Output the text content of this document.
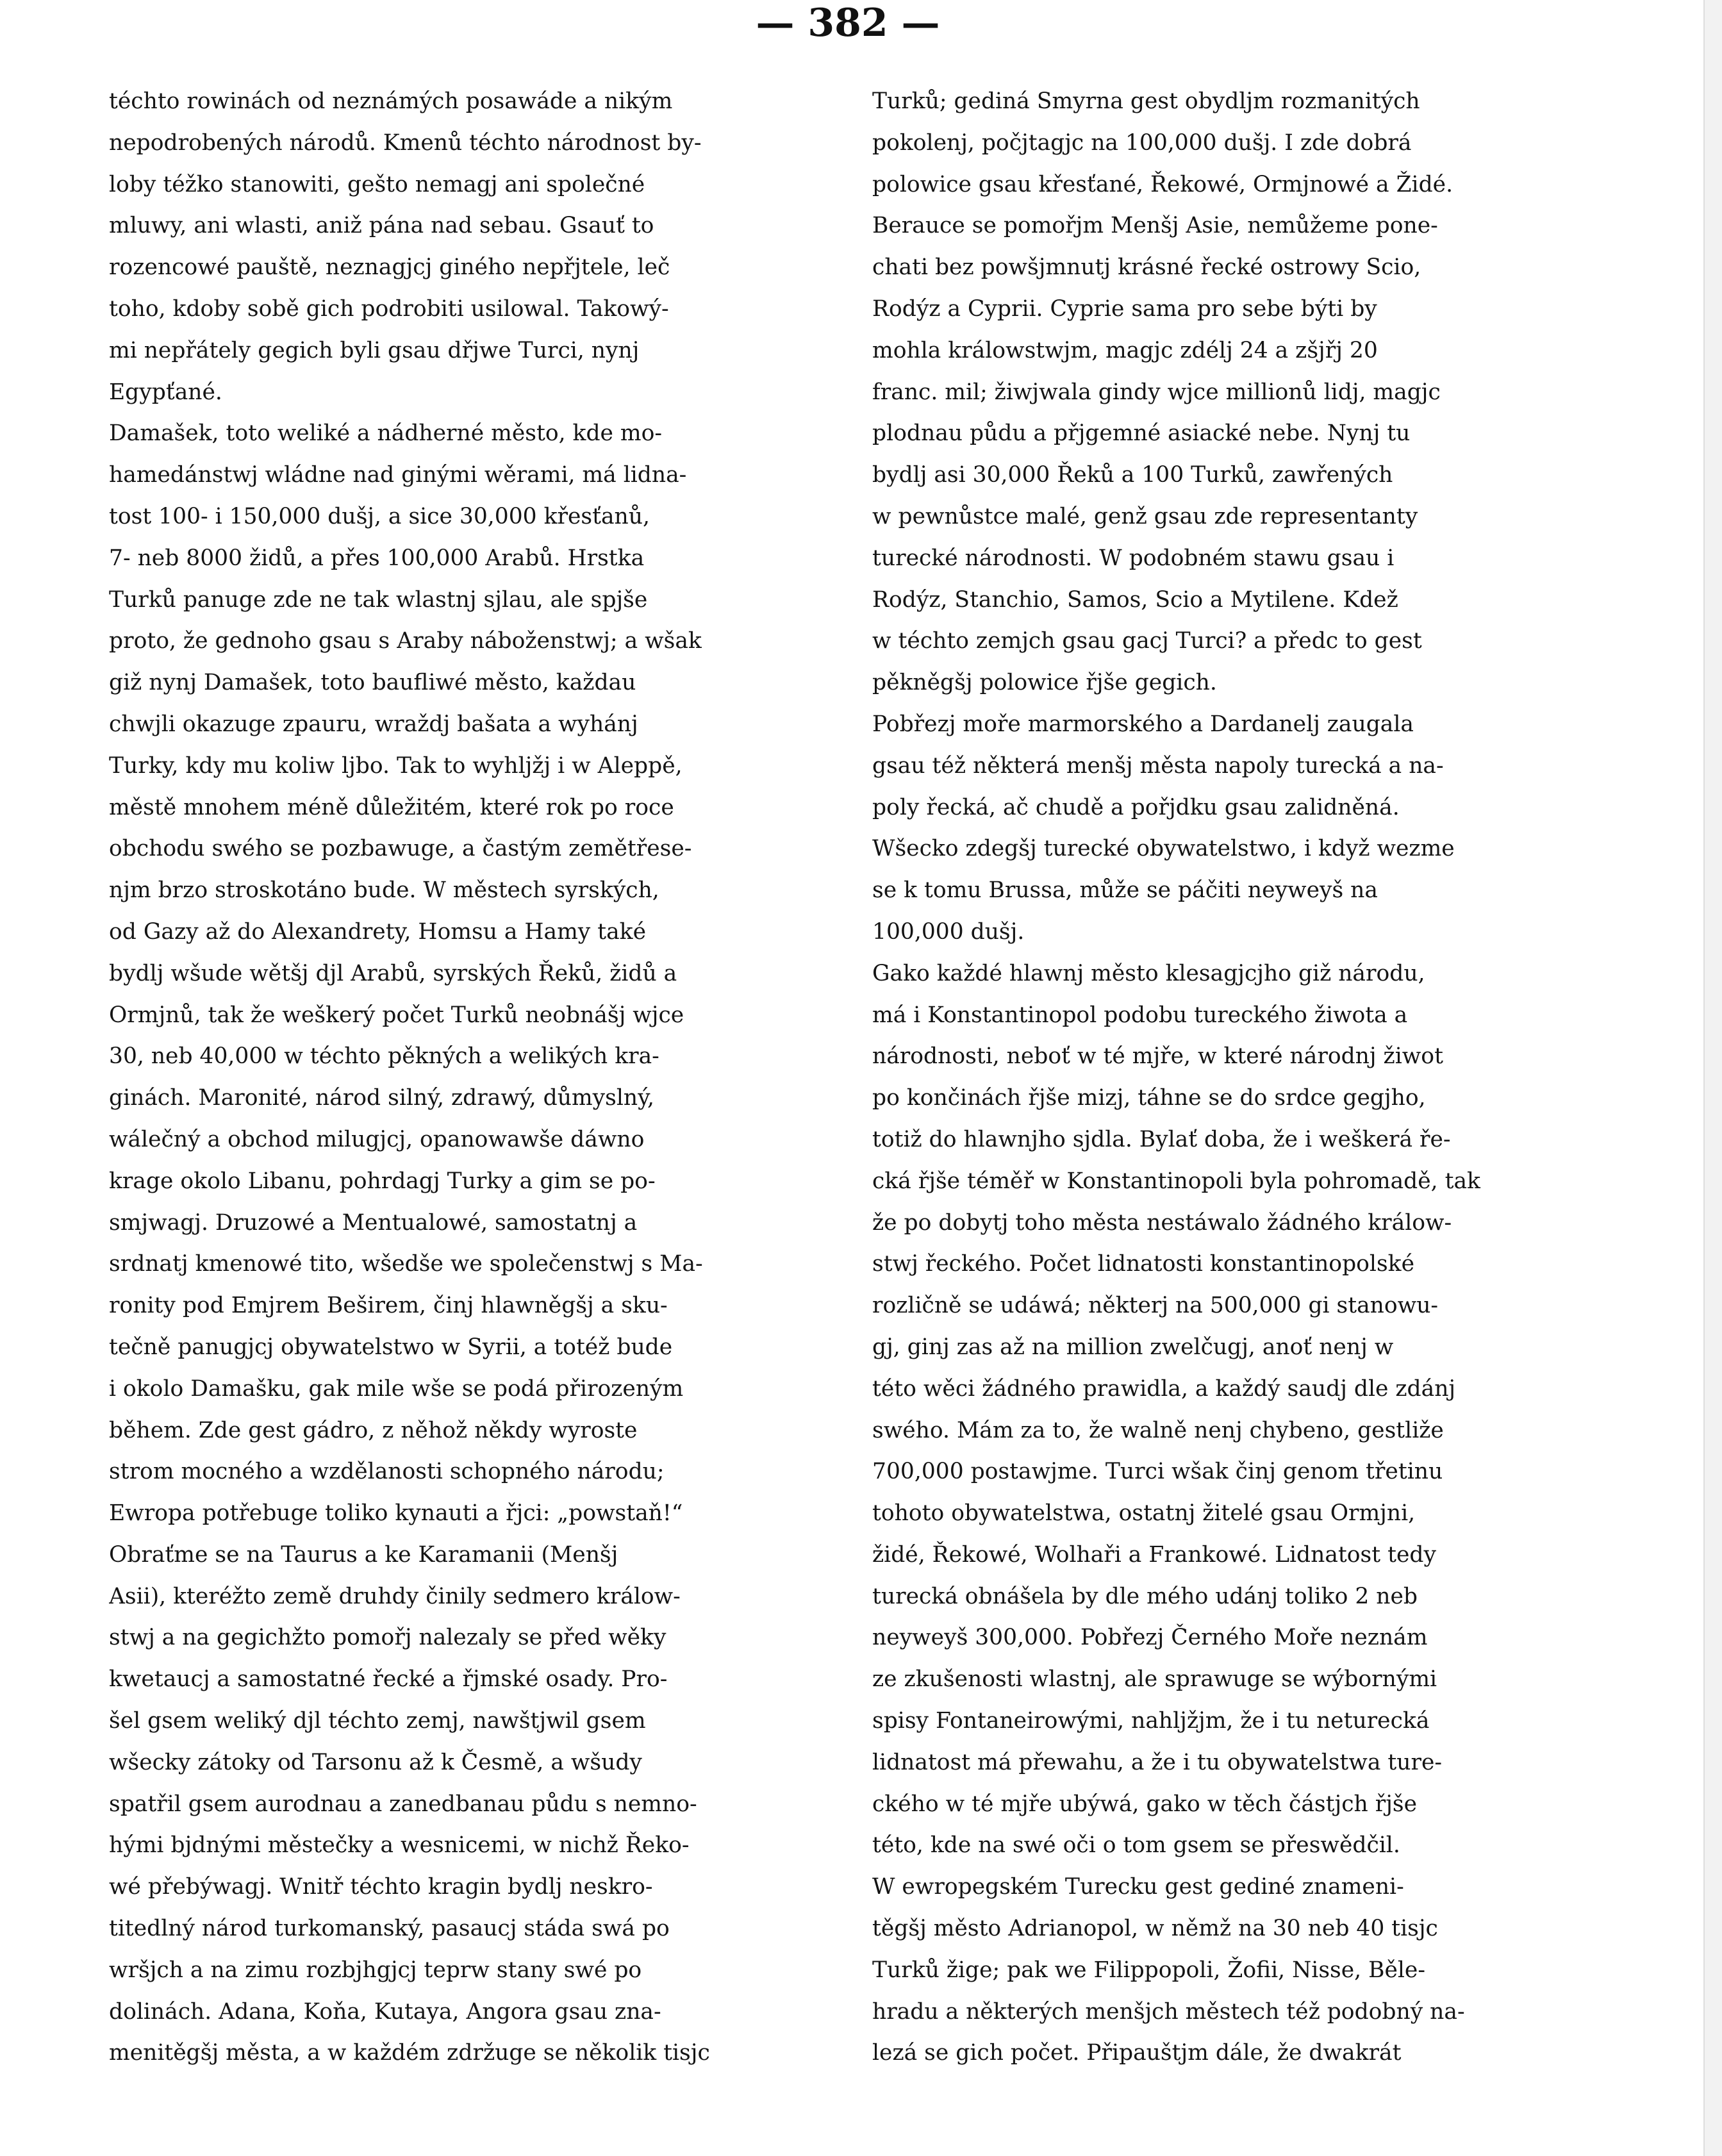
— 382 —
téchto rowinách od neznámých posawáde a nikým
nepodrobených národů. Kmenů téchto národnost by-
loby téžko stanowiti, gešto nemagj ani společné
mluwy, ani wlasti, aniž pána nad sebau. Gsauť to
rozencowé pauště, neznagjcj giného nepřjtele, leč
toho, kdoby sobě gich podrobiti usilowal. Takowý-
mi nepřátely gegich byli gsau dřjwe Turci, nynj
Egypťané.
Damašek, toto weliké a nádherné město, kde mo-
hamedánstwj wládne nad ginými wěrami, má lidna-
tost 100- i 150,000 dušj, a sice 30,000 křesťanů,
7- neb 8000 židů, a přes 100,000 Arabů. Hrstka
Turků panuge zde ne tak wlastnj sjlau, ale spjše
proto, že gednoho gsau s Araby náboženstwj; a wšak
giž nynj Damašek, toto baufliwé město, každau
chwjli okazuge zpauru, wraždj bašata a wyhánj
Turky, kdy mu koliw ljbo. Tak to wyhljžj i w Aleppě,
městě mnohem méně důležitém, které rok po roce
obchodu swého se pozbawuge, a častým zemětřese-
njm brzo stroskotáno bude. W městech syrských,
od Gazy až do Alexandrety, Homsu a Hamy také
bydlj wšude wětšj djl Arabů, syrských Řeků, židů a
Ormjnů, tak že weškerý počet Turků neobnášj wjce
30, neb 40,000 w téchto pěkných a welikých kra-
ginách. Maronité, národ silný, zdrawý, důmyslný,
wálečný a obchod milugjcj, opanowawše dáwno
krage okolo Libanu, pohrdagj Turky a gim se po-
smjwagj. Druzowé a Mentualowé, samostatnj a
srdnatj kmenowé tito, wšedše we společenstwj s Ma-
ronity pod Emjrem Beširem, činj hlawněgšj a sku-
tečně panugjcj obywatelstwo w Syrii, a totéž bude
i okolo Damašku, gak mile wše se podá přirozeným
během. Zde gest gádro, z něhož někdy wyroste
strom mocného a wzdělanosti schopného národu;
Ewropa potřebuge toliko kynauti a řjci: „powstaň!“
Obraťme se na Taurus a ke Karamanii (Menšj
Asii), kteréžto země druhdy činily sedmero králow-
stwj a na gegichžto pomořj nalezaly se před wěky
kwetaucj a samostatné řecké a řjmské osady. Pro-
šel gsem weliký djl téchto zemj, nawštjwil gsem
wšecky zátoky od Tarsonu až k Česmě, a wšudy
spatřil gsem aurodnau a zanedbanau půdu s nemno-
hými bjdnými městečky a wesnicemi, w nichž Řeko-
wé přebýwagj. Wnitř téchto kragin bydlj neskro-
titedlný národ turkomanský, pasaucj stáda swá po
wršjch a na zimu rozbjhgjcj teprw stany swé po
dolinách. Adana, Koňa, Kutaya, Angora gsau zna-
menitěgšj města, a w každém zdržuge se několik tisjc
Turků; gediná Smyrna gest obydljm rozmanitých
pokolenj, počjtagjc na 100,000 dušj. I zde dobrá
polowice gsau křesťané, Řekowé, Ormjnowé a Židé.
Berauce se pomořjm Menšj Asie, nemůžeme pone-
chati bez powšjmnutj krásné řecké ostrowy Scio,
Rodýz a Cyprii. Cyprie sama pro sebe býti by
mohla králowstwjm, magjc zdélj 24 a zšjřj 20
franc. mil; žiwjwala gindy wjce millionů lidj, magjc
plodnau půdu a přjgemné asiacké nebe. Nynj tu
bydlj asi 30,000 Řeků a 100 Turků, zawřených
w pewnůstce malé, genž gsau zde representanty
turecké národnosti. W podobném stawu gsau i
Rodýz, Stanchio, Samos, Scio a Mytilene. Kdež
w téchto zemjch gsau gacj Turci? a předc to gest
pěkněgšj polowice řjše gegich.
Pobřezj moře marmorského a Dardanelj zaugala
gsau též některá menšj města napoly turecká a na-
poly řecká, ač chudě a pořjdku gsau zalidněná.
Wšecko zdegšj turecké obywatelstwo, i když wezme
se k tomu Brussa, může se páčiti neyweyš na
100,000 dušj.
Gako každé hlawnj město klesagjcjho giž národu,
má i Konstantinopol podobu tureckého žiwota a
národnosti, neboť w té mjře, w které národnj žiwot
po končinách řjše mizj, táhne se do srdce gegjho,
totiž do hlawnjho sjdla. Bylať doba, že i weškerá ře-
cká řjše téměř w Konstantinopoli byla pohromadě, tak
že po dobytj toho města nestáwalo žádného králow-
stwj řeckého. Počet lidnatosti konstantinopolské
rozličně se udáwá; některj na 500,000 gi stanowu-
gj, ginj zas až na million zwelčugj, anoť nenj w
této wěci žádného prawidla, a každý saudj dle zdánj
swého. Mám za to, že walně nenj chybeno, gestliže
700,000 postawjme. Turci wšak činj genom třetinu
tohoto obywatelstwa, ostatnj žitelé gsau Ormjni,
židé, Řekowé, Wolhaři a Frankowé. Lidnatost tedy
turecká obnášela by dle mého udánj toliko 2 neb
neyweyš 300,000. Pobřezj Černého Moře neznám
ze zkušenosti wlastnj, ale sprawuge se wýbornými
spisy Fontaneirowými, nahljžjm, že i tu neturecká
lidnatost má přewahu, a že i tu obywatelstwa ture-
ckého w té mjře ubýwá, gako w těch částjch řjše
této, kde na swé oči o tom gsem se přeswědčil.
W ewropegském Turecku gest gediné znameni-
těgšj město Adrianopol, w němž na 30 neb 40 tisjc
Turků žige; pak we Filippopoli, Žofii, Nisse, Běle-
hradu a některých menšjch městech též podobný na-
lezá se gich počet. Připauštjm dále, že dwakrát
